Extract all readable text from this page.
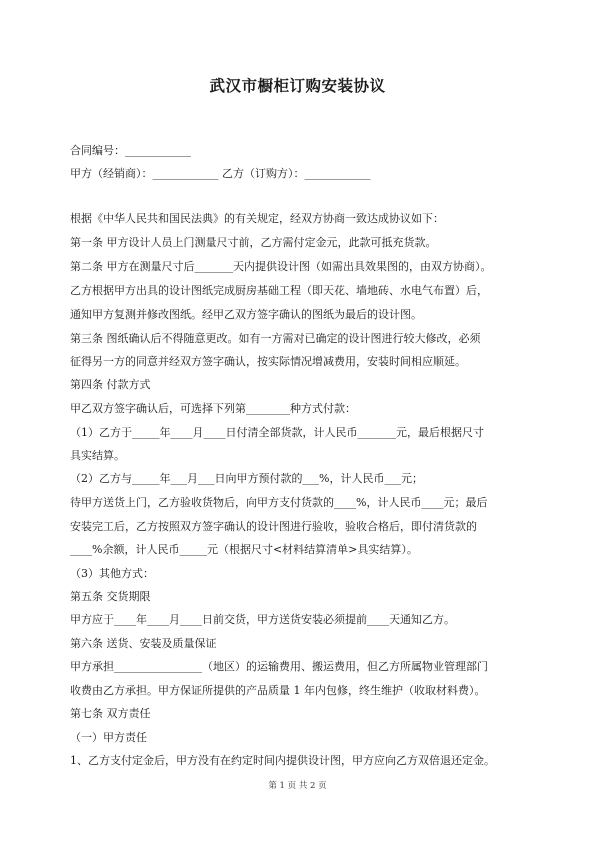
武汉市橱柜订购安装协议
合同编号：____________
甲方（经销商）：____________ 乙方（订购方）：____________
根据《中华人民共和国民法典》的有关规定，经双方协商一致达成协议如下：
第一条 甲方设计人员上门测量尺寸前，乙方需付定金元，此款可抵充货款。
第二条 甲方在测量尺寸后_______天内提供设计图（如需出具效果图的，由双方协商）。
乙方根据甲方出具的设计图纸完成厨房基础工程（即天花、墙地砖、水电气布置）后，
通知甲方复测并修改图纸。经甲乙双方签字确认的图纸为最后的设计图。
第三条 图纸确认后不得随意更改。如有一方需对已确定的设计图进行较大修改，必须
征得另一方的同意并经双方签字确认，按实际情况增减费用，安装时间相应顺延。
第四条 付款方式
甲乙双方签字确认后，可选择下列第________种方式付款：
（1）乙方于_____年____月____日付清全部货款，计人民币_______元，最后根据尺寸
具实结算。
（2）乙方与_____年___月___日向甲方预付款的___%，计人民币___元；
待甲方送货上门，乙方验收货物后，向甲方支付货款的____%，计人民币____元；最后
安装完工后，乙方按照双方签字确认的设计图进行验收，验收合格后，即付清货款的
____%余额，计人民币_____元（根据尺寸<材料结算清单>具实结算）。
（3）其他方式：
第五条 交货期限
甲方应于____年____月____日前交货，甲方送货安装必须提前____天通知乙方。
第六条 送货、安装及质量保证
甲方承担________________（地区）的运输费用、搬运费用，但乙方所属物业管理部门
收费由乙方承担。甲方保证所提供的产品质量 1 年内包修，终生维护（收取材料费）。
第七条 双方责任
（一）甲方责任
1、乙方支付定金后，甲方没有在约定时间内提供设计图，甲方应向乙方双倍退还定金。
第 1 页 共 2 页
